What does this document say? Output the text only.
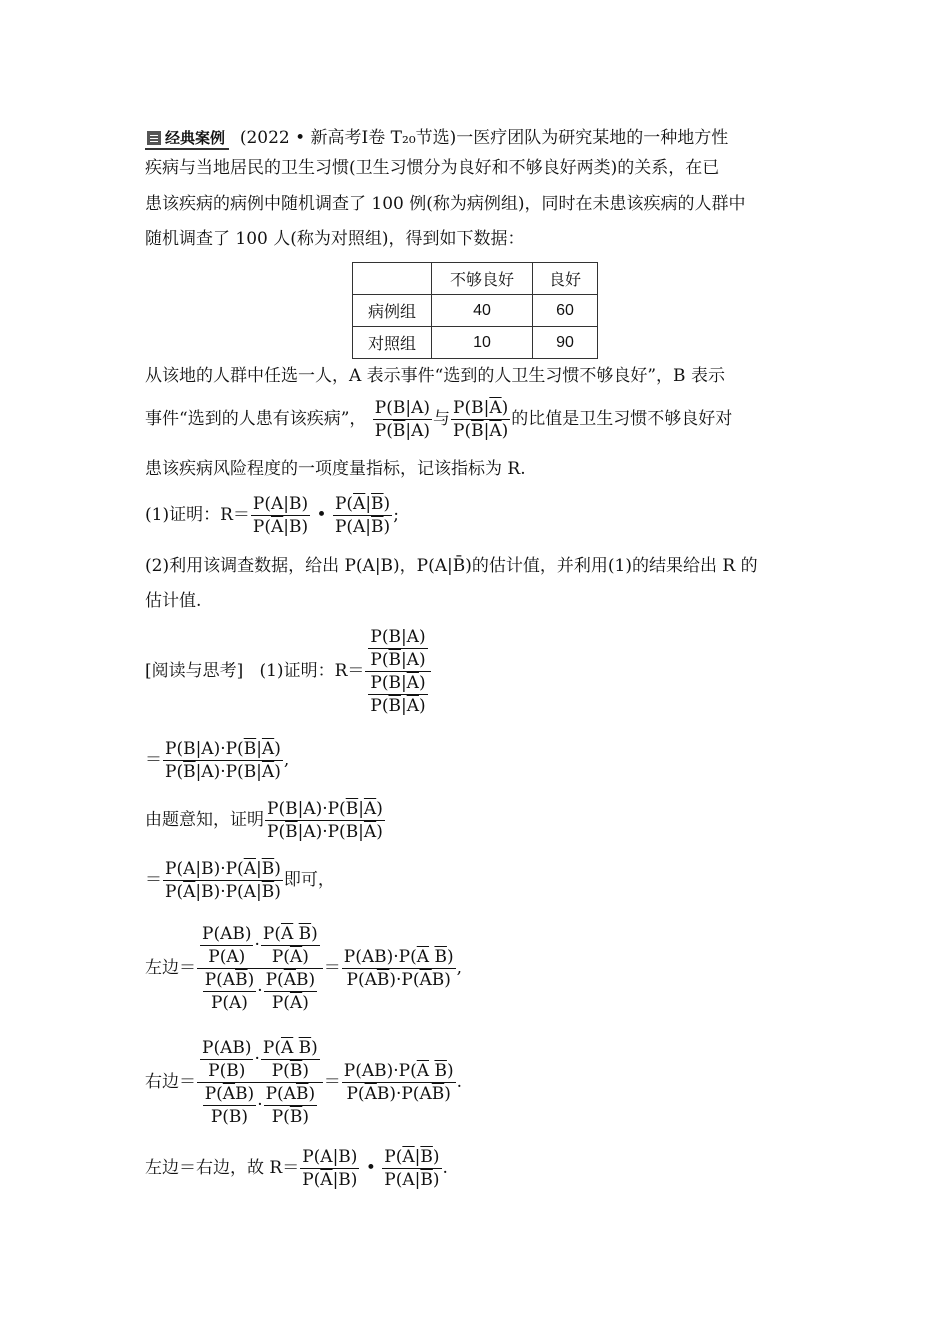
经典案例 (2022 • 新高考Ⅰ卷 T₂₀节选)一医疗团队为研究某地的一种地方性
疾病与当地居民的卫生习惯(卫生习惯分为良好和不够良好两类)的关系，在已
患该疾病的病例中随机调查了 100 例(称为病例组)，同时在未患该疾病的人群中
随机调查了 100 人(称为对照组)，得到如下数据：
	不够良好	良好
病例组	40	60
对照组	10	90
从该地的人群中任选一人，A 表示事件“选到的人卫生习惯不够良好”，B 表示
事件“选到的人患有该疾病”， $\frac{P(B|A)}{P(\overline{B}|A)}$ 与 $\frac{P(B|\overline{A})}{P(\overline{B}|\overline{A})}$ 的比值是卫生习惯不够良好对
患该疾病风险程度的一项度量指标，记该指标为 R.
(1)证明：$R= \frac{P(A|B)}{P(\overline{A}|B)}$ • $\frac{P(\overline{A}|\overline{B})}{P(A|\overline{B})}$ ;
(2)利用该调查数据，给出 P(A|B)，P(A|B̄)的估计值，并利用(1)的结果给出 R 的
估计值.
[阅读与思考] (1)证明：$R= \frac{\frac{P(B|A)}{P(\overline{B}|A)}}{\frac{P(B|\overline{A})}{P(\overline{B}|\overline{A})}}$
＝ $\frac{P(B|A)\cdot P(\overline{B}|\overline{A})}{P(\overline{B}|A)\cdot P(B|\overline{A})}$ ,
由题意知，证明 $\frac{P(B|A)\cdot P(\overline{B}|\overline{A})}{P(\overline{B}|A)\cdot P(B|\overline{A})}$
＝ $\frac{P(A|B)\cdot P(\overline{A}|\overline{B})}{P(\overline{A}|B)\cdot P(A|\overline{B})}$ 即可，
左边＝ $\frac{\frac{P(AB)}{P(A)} \cdot \frac{P(\overline{A} \overline{B})}{P(\overline{A})}}{\frac{P(A\overline{B})}{P(A)} \cdot \frac{P(\overline{A}B)}{P(\overline{A})}} = \frac{P(AB)\cdot P(\overline{A} \overline{B})}{P(A\overline{B})\cdot P(\overline{A}B)}$ ,
右边＝ $\frac{\frac{P(AB)}{P(B)} \cdot \frac{P(\overline{A} \overline{B})}{P(\overline{B})}}{\frac{P(\overline{A}B)}{P(B)} \cdot \frac{P(A\overline{B})}{P(\overline{B})}} = \frac{P(AB)\cdot P(\overline{A} \overline{B})}{P(\overline{A}B)\cdot P(A\overline{B})}$ .
左边＝右边，故 $R= \frac{P(A|B)}{P(\overline{A}|B)}$ • $\frac{P(\overline{A}|\overline{B})}{P(A|\overline{B})}$ .
